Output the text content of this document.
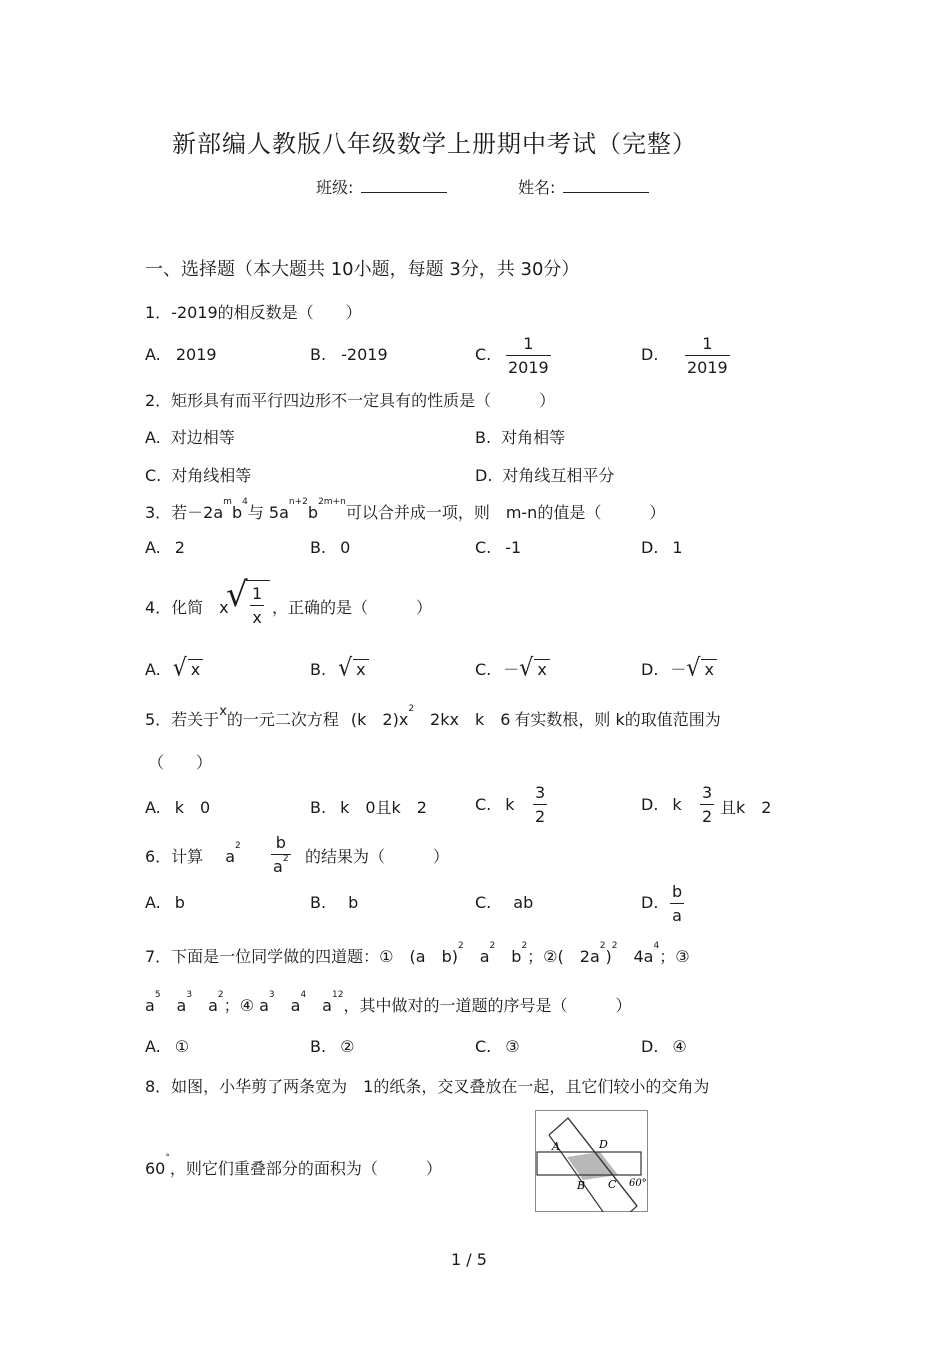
新部编人教版八年级数学上册期中考试（完整）
班级:	姓名:
一、选择题（本大题共 10小题，每题 3分，共 30分）
1．-2019的相反数是（　　）
A. 2019	B. -2019	C.
1
2019
D.
1
2019
2．矩形具有而平行四边形不一定具有的性质是（　　　）
A. 对边相等	B. 对角相等
C. 对角线相等	D. 对角线互相平分
3．若$-2a^mb^4$与 $5a^{n+2}b^{2m+n}$可以合并成一项，则　m-n的值是（　　　）
A. 2	B. 0	C. -1	D. 1
4．化简　x
√ 1
x
，正确的是（　　　）
A. √ x	B. √ x	C. －√ x	D. －√ x
5．若关于$^x$的一元二次方程 (k　$2)x^2$　2kx　k　6 有实数根，则 k的取值范围为
（　　）
A. k　0	B. k　0且k　2	C. k
3
2
D. k
3
2 且k　2
6．计算 $a^2$ b
$a^2$ 的结果为（　　　）
A. b	B. b	C. ab	D.
b
a
7．下面是一位同学做的四道题：①　(a　b)$^2$　$a^2$　$b^2$；②(　$2a^2)^2$　$4a^4$；③
$a^5$　$a^3$　$a^2$；④ $a^3$　$a^4$　$a^{12}$，其中做对的一道题的序号是（　　　）
A. ①	B. ②	C. ③	D. ④
8．如图，小华剪了两条宽为　1的纸条，交叉叠放在一起，且它们较小的交角为
60°，则它们重叠部分的面积为（　　　）
A	D
B C 60°
1 / 5
